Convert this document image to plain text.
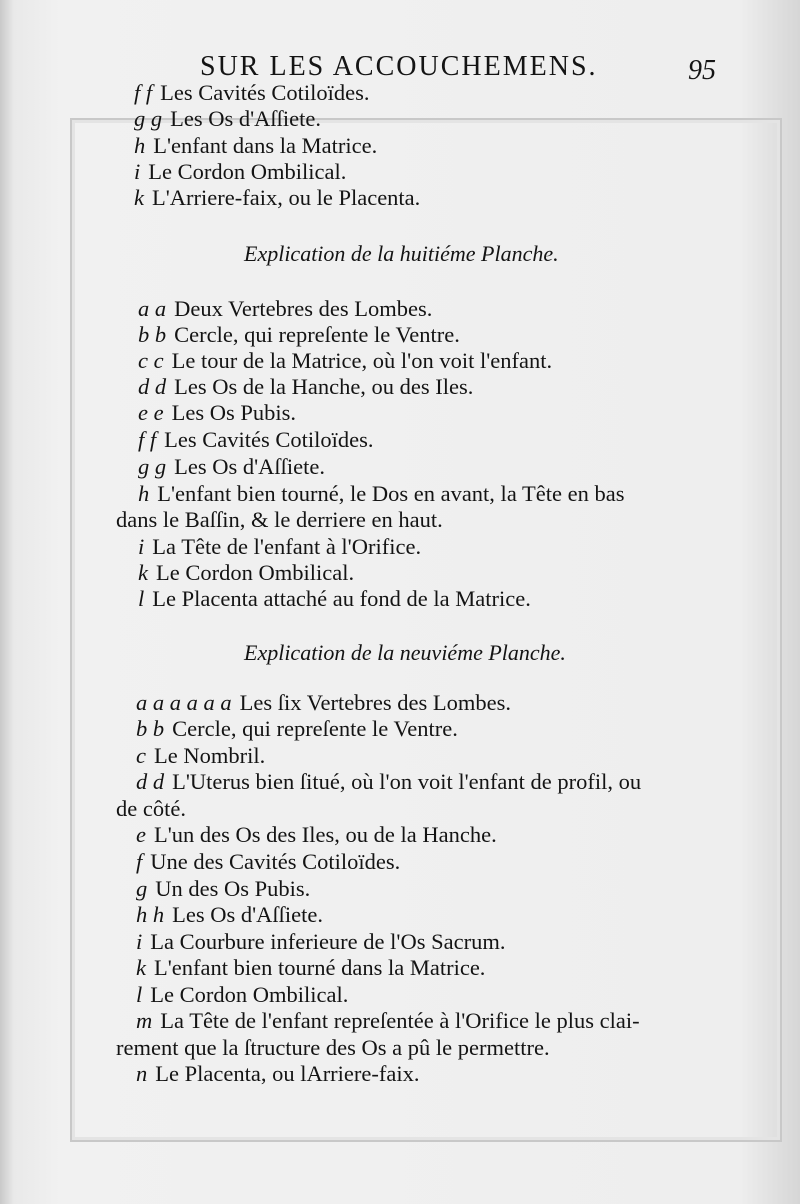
SUR LES ACCOUCHEMENS.	95
f f Les Cavités Cotiloïdes.
g g Les Os d'Aſſiete.
h L'enfant dans la Matrice.
i Le Cordon Ombilical.
k L'Arriere-faix, ou le Placenta.
Explication de la huitiéme Planche.
a a Deux Vertebres des Lombes.
b b Cercle, qui repreſente le Ventre.
c c Le tour de la Matrice, où l'on voit l'enfant.
d d Les Os de la Hanche, ou des Iles.
e e Les Os Pubis.
f f Les Cavités Cotiloïdes.
g g Les Os d'Aſſiete.
h L'enfant bien tourné, le Dos en avant, la Tête en bas
dans le Baſſin, & le derriere en haut.
i La Tête de l'enfant à l'Orifice.
k Le Cordon Ombilical.
l Le Placenta attaché au fond de la Matrice.
Explication de la neuviéme Planche.
a a a a a a Les ſix Vertebres des Lombes.
b b Cercle, qui repreſente le Ventre.
c Le Nombril.
d d L'Uterus bien ſitué, où l'on voit l'enfant de profil, ou
de côté.
e L'un des Os des Iles, ou de la Hanche.
f Une des Cavités Cotiloïdes.
g Un des Os Pubis.
h h Les Os d'Aſſiete.
i La Courbure inferieure de l'Os Sacrum.
k L'enfant bien tourné dans la Matrice.
l Le Cordon Ombilical.
m La Tête de l'enfant repreſentée à l'Orifice le plus clai-
rement que la ſtructure des Os a pû le permettre.
n Le Placenta, ou lArriere-faix.
